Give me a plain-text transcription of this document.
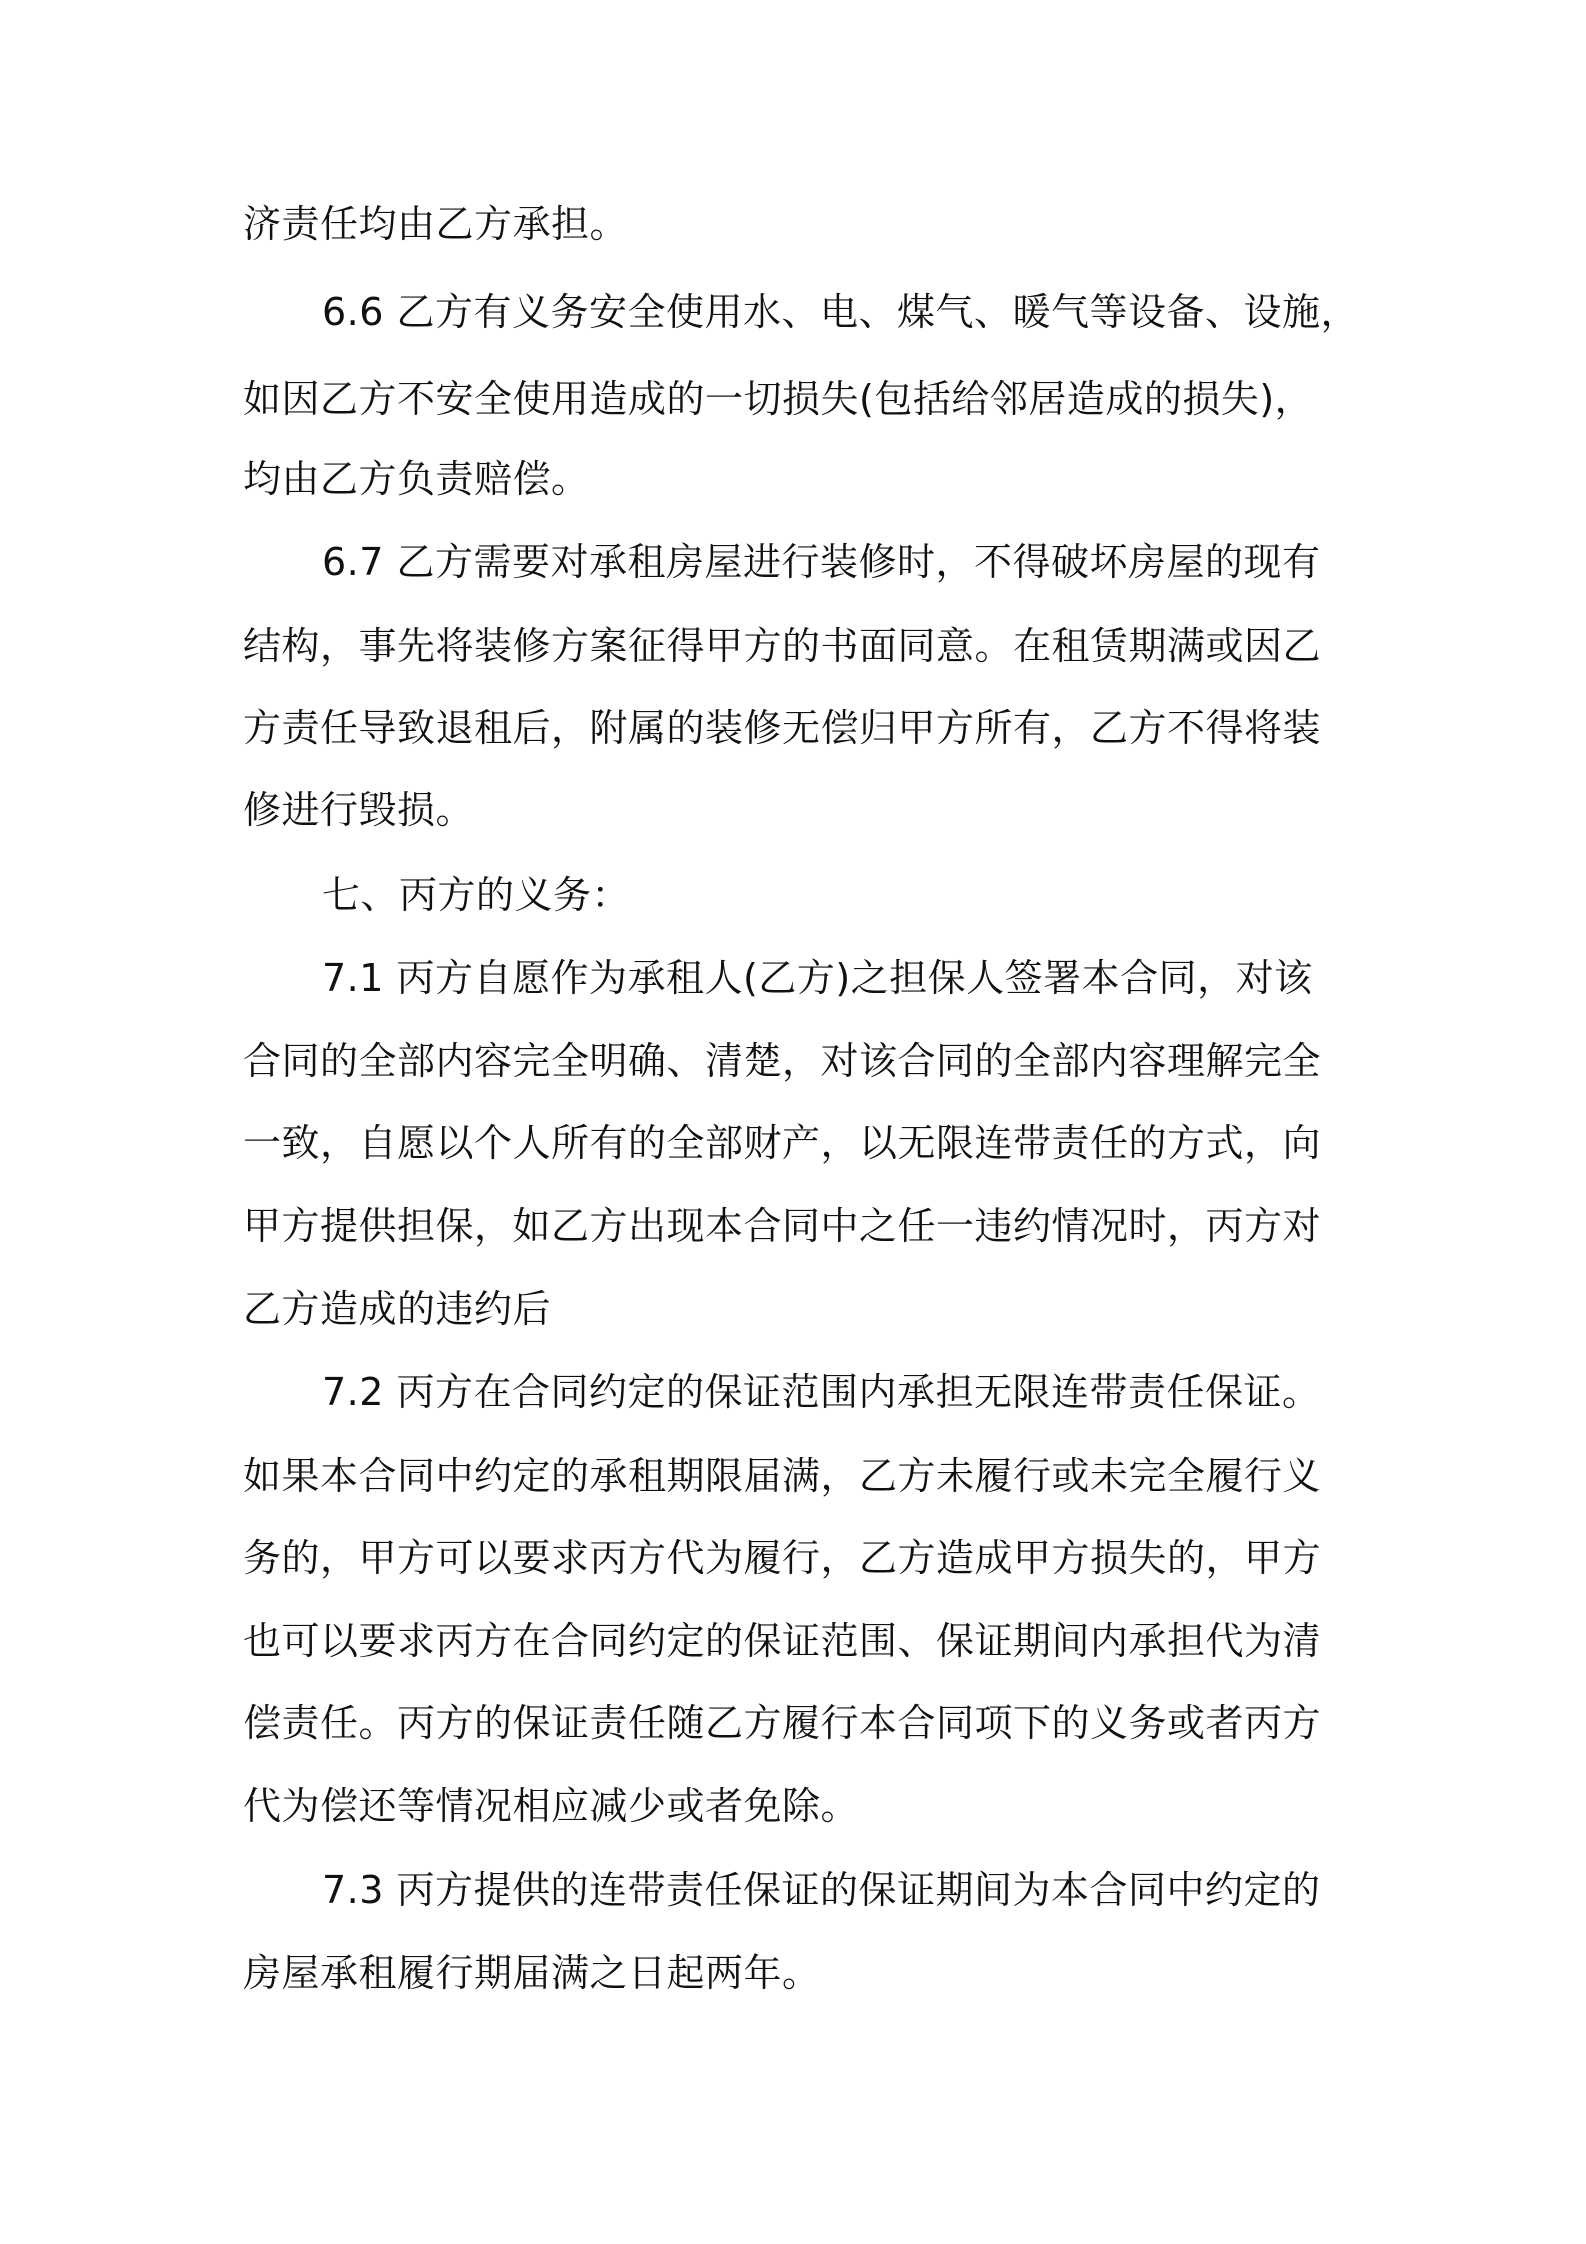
济责任均由乙方承担。
6.6 乙方有义务安全使用水、电、煤气、暖气等设备、设施，
如因乙方不安全使用造成的一切损失(包括给邻居造成的损失)，
均由乙方负责赔偿。
6.7 乙方需要对承租房屋进行装修时，不得破坏房屋的现有
结构，事先将装修方案征得甲方的书面同意。在租赁期满或因乙
方责任导致退租后，附属的装修无偿归甲方所有，乙方不得将装
修进行毁损。
七、丙方的义务：
7.1 丙方自愿作为承租人(乙方)之担保人签署本合同，对该
合同的全部内容完全明确、清楚，对该合同的全部内容理解完全
一致，自愿以个人所有的全部财产，以无限连带责任的方式，向
甲方提供担保，如乙方出现本合同中之任一违约情况时，丙方对
乙方造成的违约后
7.2 丙方在合同约定的保证范围内承担无限连带责任保证。
如果本合同中约定的承租期限届满，乙方未履行或未完全履行义
务的，甲方可以要求丙方代为履行，乙方造成甲方损失的，甲方
也可以要求丙方在合同约定的保证范围、保证期间内承担代为清
偿责任。丙方的保证责任随乙方履行本合同项下的义务或者丙方
代为偿还等情况相应减少或者免除。
7.3 丙方提供的连带责任保证的保证期间为本合同中约定的
房屋承租履行期届满之日起两年。
